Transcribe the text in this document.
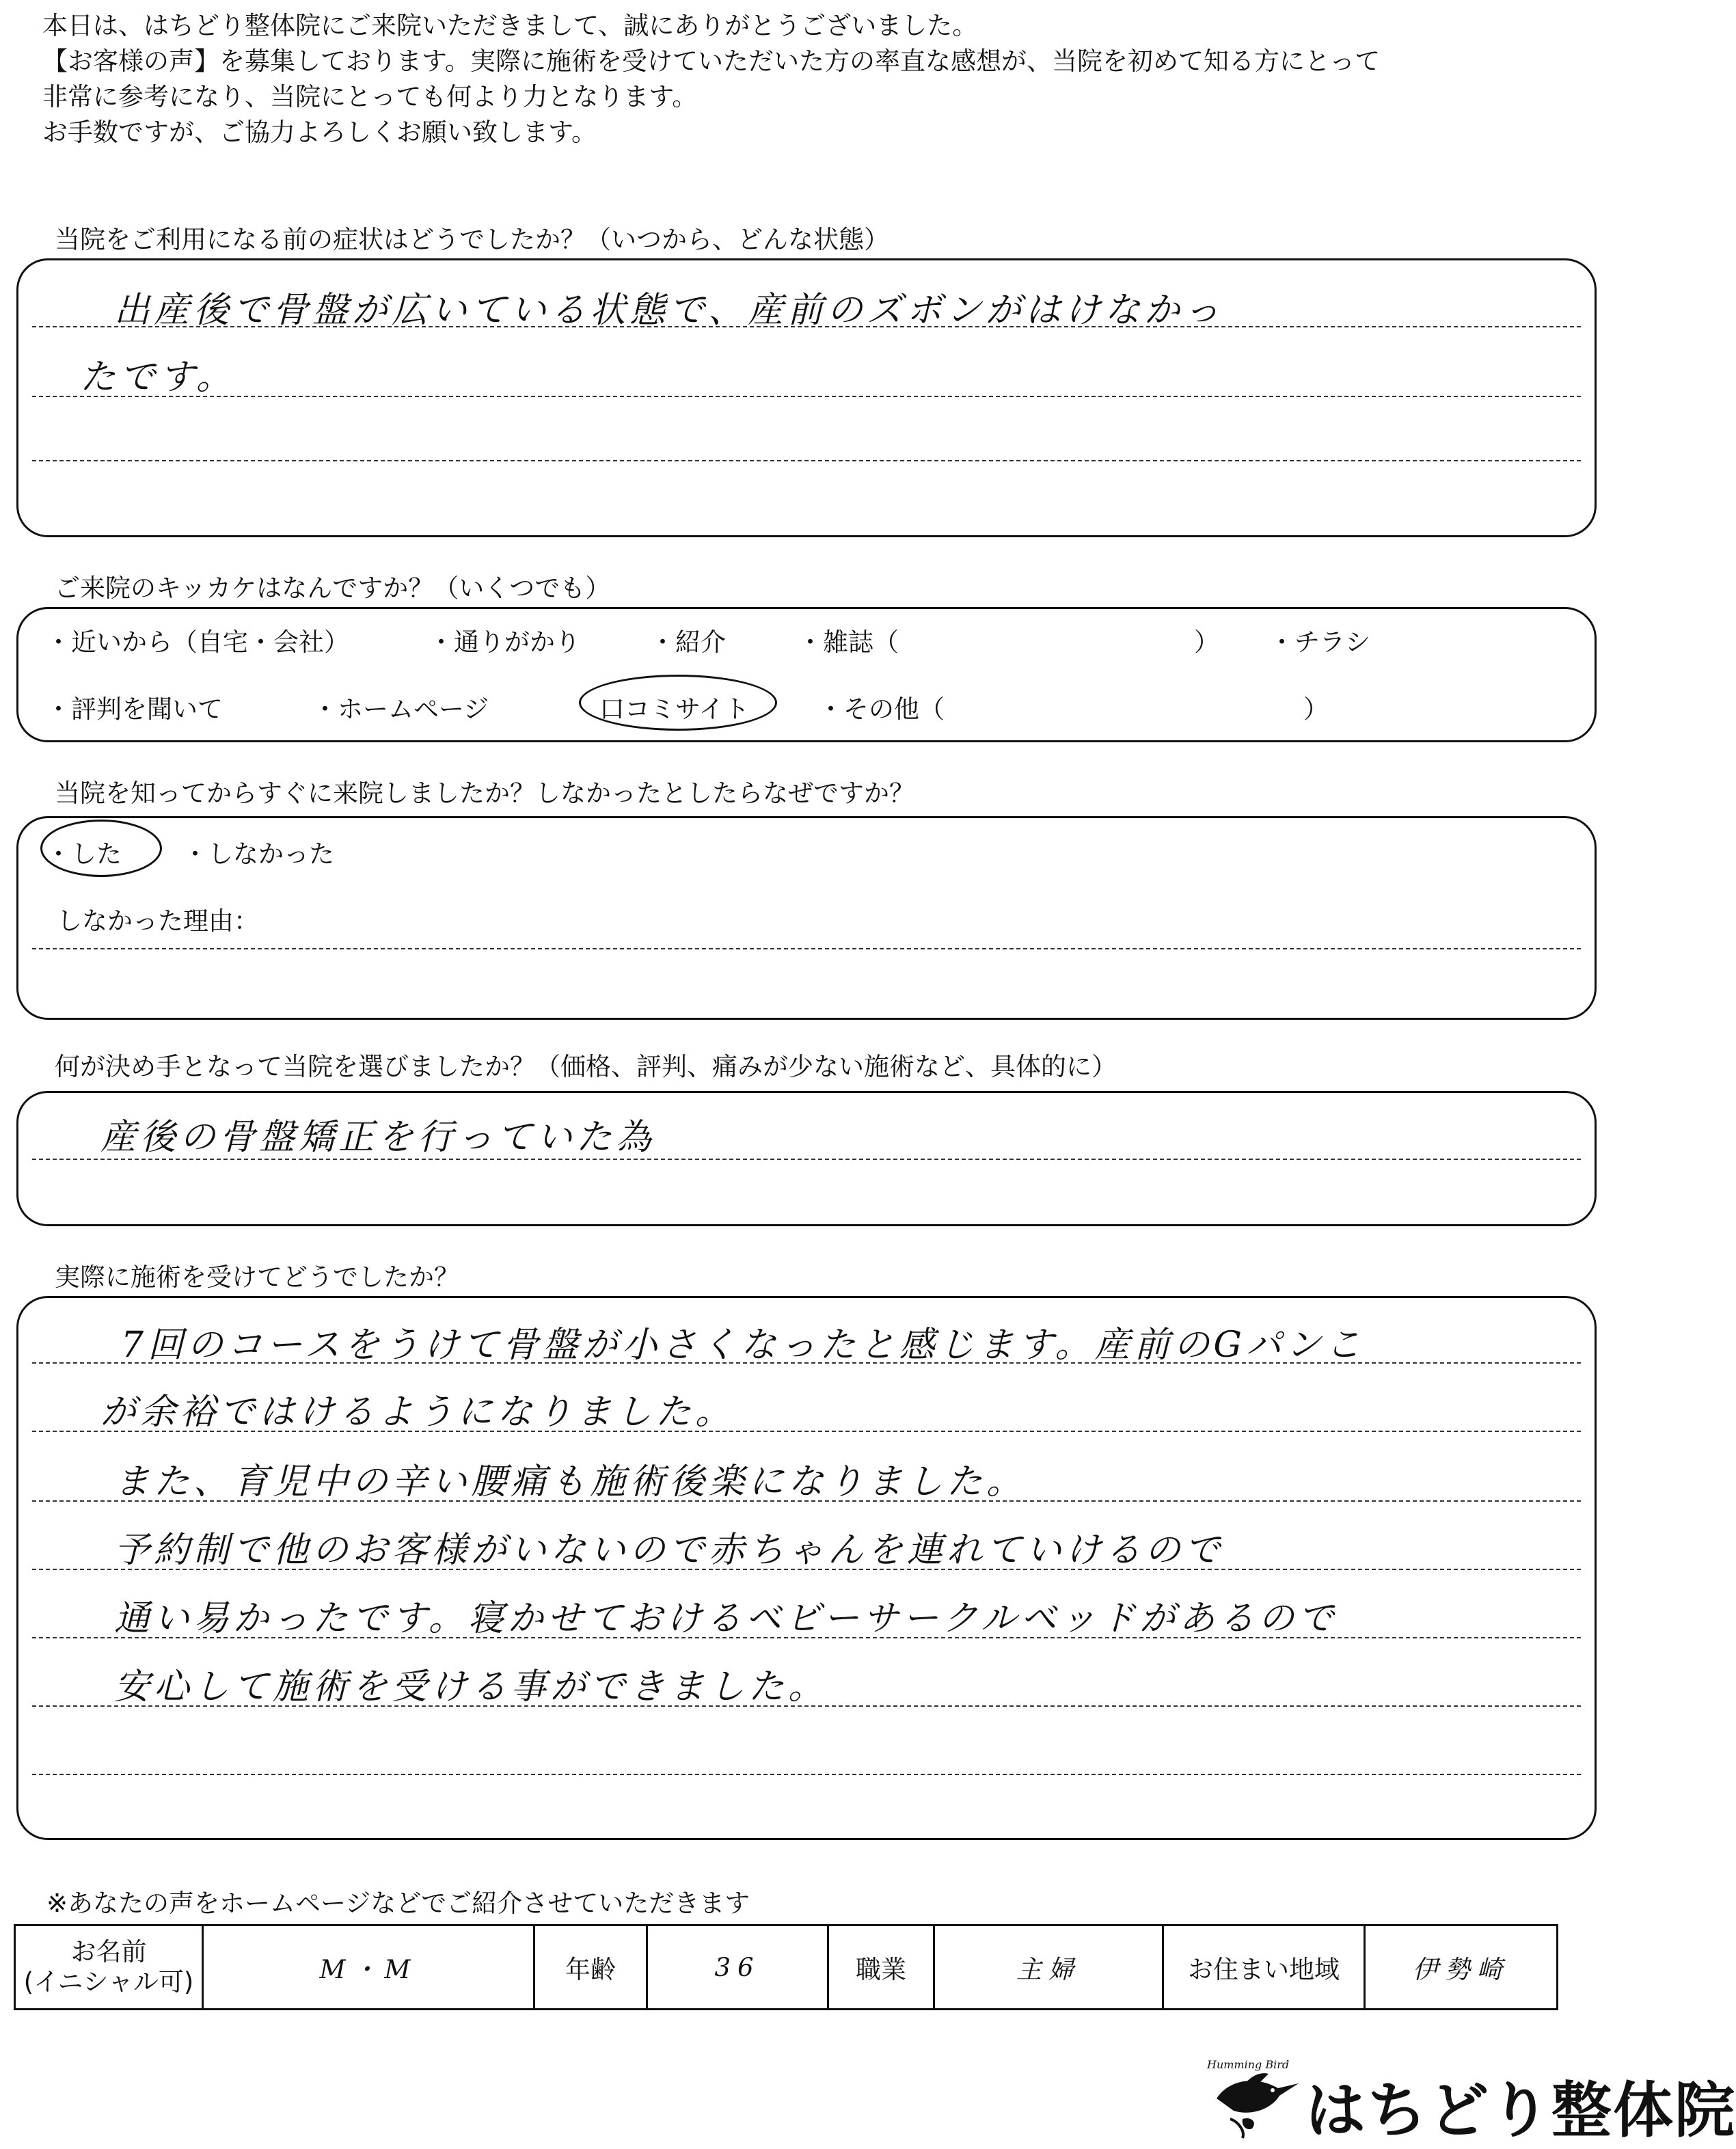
本日は、はちどり整体院にご来院いただきまして、誠にありがとうございました。
【お客様の声】を募集しております。実際に施術を受けていただいた方の率直な感想が、当院を初めて知る方にとって
非常に参考になり、当院にとっても何より力となります。
お手数ですが、ご協力よろしくお願い致します。
当院をご利用になる前の症状はどうでしたか？（いつから、どんな状態）
出産後で骨盤が広いている状態で、産前のズボンがはけなかっ
たです。
ご来院のキッカケはなんですか？（いくつでも）
・近いから（自宅・会社）	・通りがかり	・紹介	・雑誌（	） ・チラシ
・評判を聞いて	・ホームページ	口コミサイト	・その他（	）
当院を知ってからすぐに来院しましたか？しなかったとしたらなぜですか？
・した ・しなかった
しなかった理由：
何が決め手となって当院を選びましたか？（価格、評判、痛みが少ない施術など、具体的に）
産後の骨盤矯正を行っていた為
実際に施術を受けてどうでしたか？
7回のコースをうけて骨盤が小さくなったと感じます。産前のGパンこ
が余裕ではけるようになりました。
また、育児中の辛い腰痛も施術後楽になりました。
予約制で他のお客様がいないので赤ちゃんを連れていけるので
通い易かったです。寝かせておけるベビーサークルベッドがあるので
安心して施術を受ける事ができました。
※あなたの声をホームページなどでご紹介させていただきます
お名前
(イニシャル可)	M・M	年齢	36	職業	主婦	お住まい地域	伊勢崎
Humming Bird
はちどり整体院
